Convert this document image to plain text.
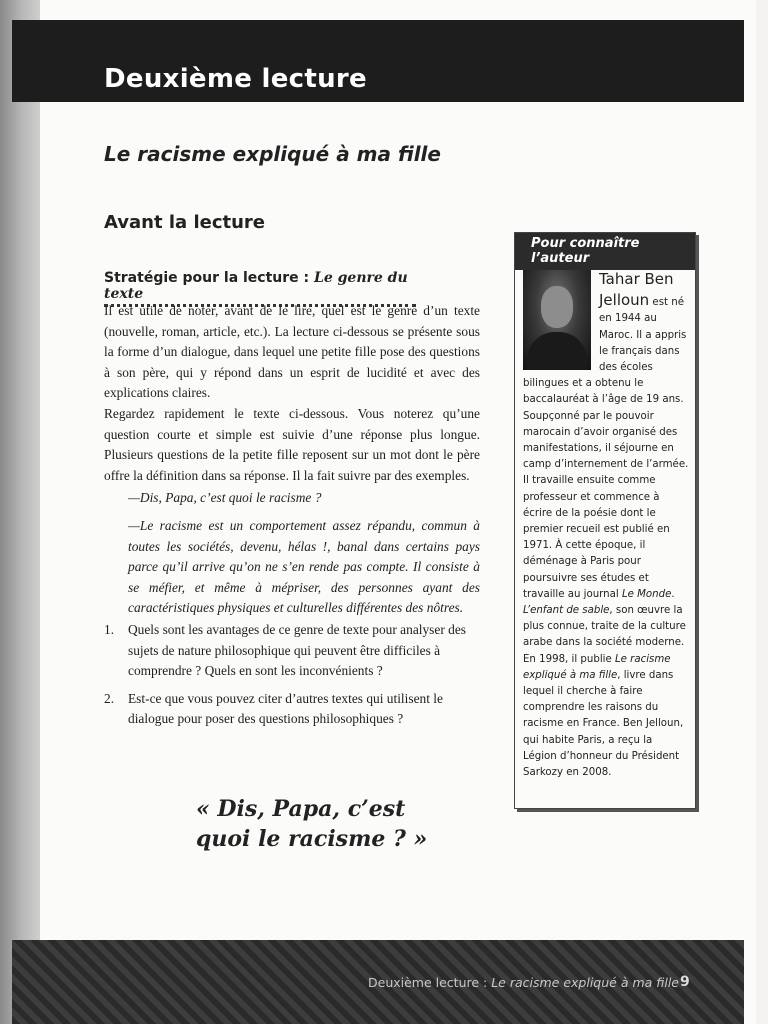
Deuxième lecture
Le racisme expliqué à ma fille
Avant la lecture
Stratégie pour la lecture : Le genre du texte
Il est utile de noter, avant de le lire, quel est le genre d’un texte (nouvelle, roman, article, etc.). La lecture ci-dessous se présente sous la forme d’un dialogue, dans lequel une petite fille pose des questions à son père, qui y répond dans un esprit de lucidité et avec des explications claires.
Regardez rapidement le texte ci-dessous. Vous noterez qu’une question courte et simple est suivie d’une réponse plus longue. Plusieurs questions de la petite fille reposent sur un mot dont le père offre la définition dans sa réponse. Il la fait suivre par des exemples.
—Dis, Papa, c’est quoi le racisme ?
—Le racisme est un comportement assez répandu, commun à toutes les sociétés, devenu, hélas !, banal dans certains pays parce qu’il arrive qu’on ne s’en rende pas compte. Il consiste à se méfier, et même à mépriser, des personnes ayant des caractéristiques physiques et culturelles différentes des nôtres.
1.	Quels sont les avantages de ce genre de texte pour analyser des sujets de nature philosophique qui peuvent être difficiles à comprendre ? Quels en sont les inconvénients ?
2.	Est-ce que vous pouvez citer d’autres textes qui utilisent le dialogue pour poser des questions philosophiques ?
« Dis, Papa, c’est
quoi le racisme ? »
Pour connaître l’auteur
Tahar Ben Jelloun est né en 1944 au Maroc. Il a appris le français dans des écoles bilingues et a obtenu le baccalauréat à l’âge de 19 ans. Soupçonné par le pouvoir marocain d’avoir organisé des manifestations, il séjourne en camp d’internement de l’armée. Il travaille ensuite comme professeur et commence à écrire de la poésie dont le premier recueil est publié en 1971. À cette époque, il déménage à Paris pour poursuivre ses études et travaille au journal Le Monde. L’enfant de sable, son œuvre la plus connue, traite de la culture arabe dans la société moderne. En 1998, il publie Le racisme expliqué à ma fille, livre dans lequel il cherche à faire comprendre les raisons du racisme en France. Ben Jelloun, qui habite Paris, a reçu la Légion d’honneur du Président Sarkozy en 2008.
Deuxième lecture : Le racisme expliqué à ma fille 9
